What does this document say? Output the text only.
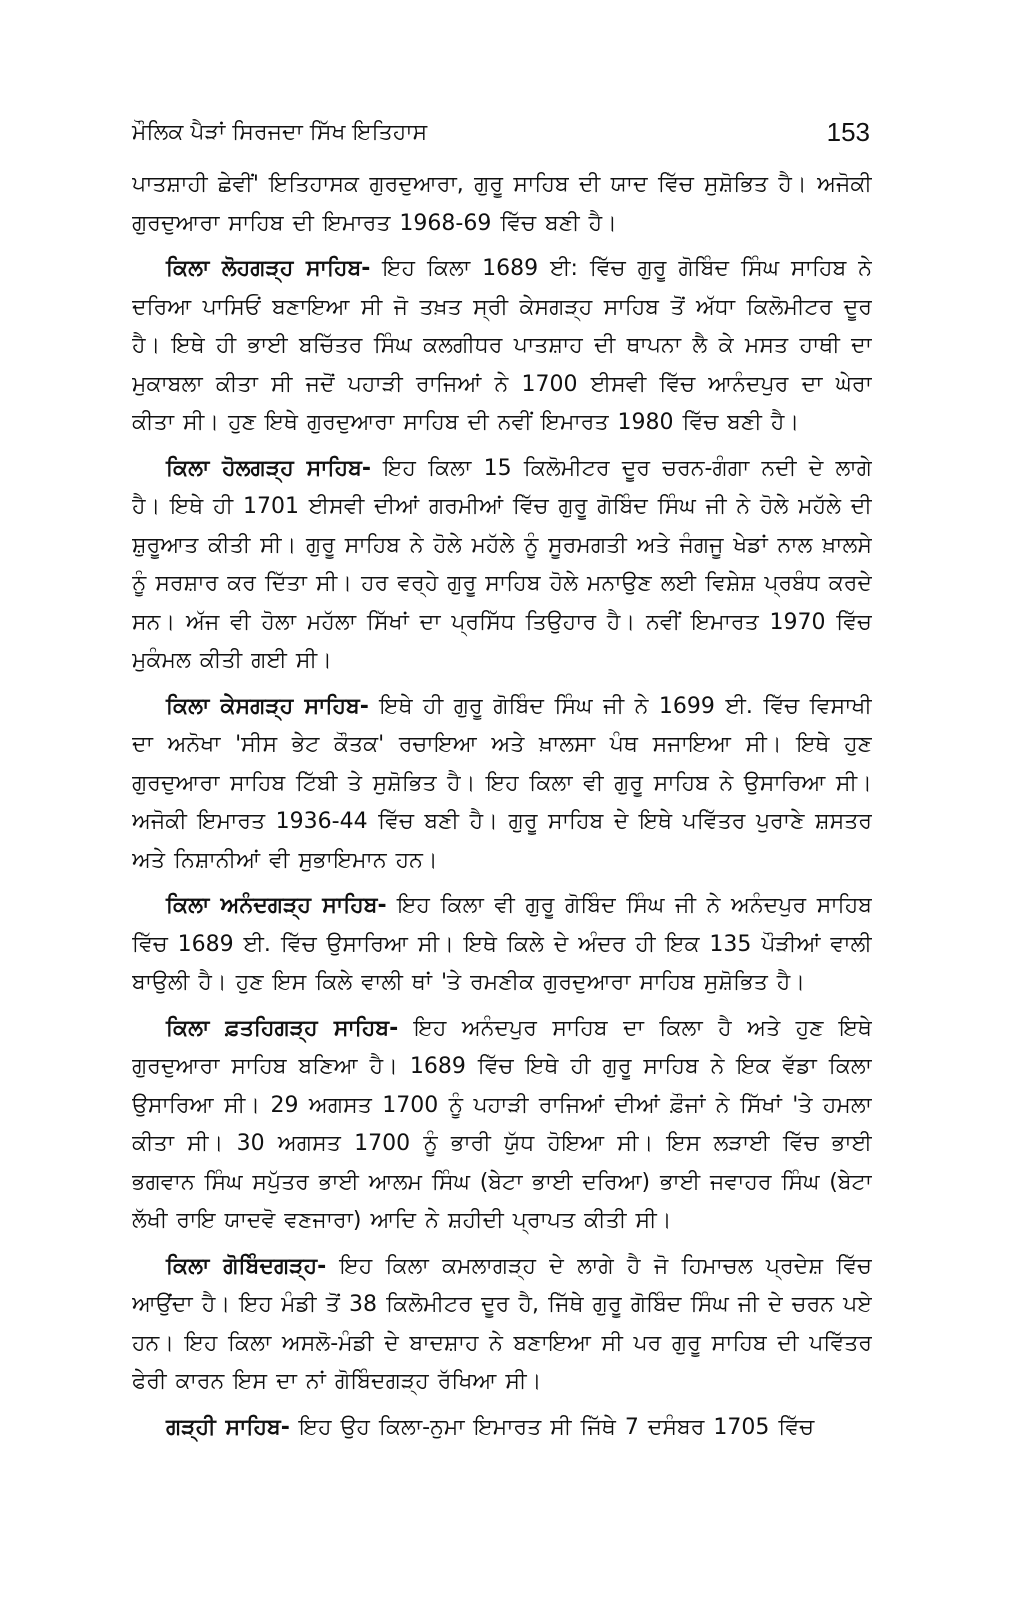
ਮੌਲਿਕ ਪੈੜਾਂ ਸਿਰਜਦਾ ਸਿੱਖ ਇਤਿਹਾਸ	153

ਪਾਤਸ਼ਾਹੀ ਛੇਵੀਂ' ਇਤਿਹਾਸਕ ਗੁਰਦੁਆਰਾ, ਗੁਰੂ ਸਾਹਿਬ ਦੀ ਯਾਦ ਵਿੱਚ ਸੁਸ਼ੋਭਿਤ ਹੈ। ਅਜੋਕੀ ਗੁਰਦੁਆਰਾ ਸਾਹਿਬ ਦੀ ਇਮਾਰਤ 1968-69 ਵਿੱਚ ਬਣੀ ਹੈ।

ਕਿਲਾ ਲੋਹਗੜ੍ਹ ਸਾਹਿਬ- ਇਹ ਕਿਲਾ 1689 ਈ: ਵਿੱਚ ਗੁਰੂ ਗੋਬਿੰਦ ਸਿੰਘ ਸਾਹਿਬ ਨੇ ਦਰਿਆ ਪਾਸਿਓਂ ਬਣਾਇਆ ਸੀ ਜੋ ਤਖ਼ਤ ਸ੍ਰੀ ਕੇਸਗੜ੍ਹ ਸਾਹਿਬ ਤੋਂ ਅੱਧਾ ਕਿਲੋਮੀਟਰ ਦੂਰ ਹੈ। ਇਥੇ ਹੀ ਭਾਈ ਬਚਿੱਤਰ ਸਿੰਘ ਕਲਗੀਧਰ ਪਾਤਸ਼ਾਹ ਦੀ ਥਾਪਨਾ ਲੈ ਕੇ ਮਸਤ ਹਾਥੀ ਦਾ ਮੁਕਾਬਲਾ ਕੀਤਾ ਸੀ ਜਦੋਂ ਪਹਾੜੀ ਰਾਜਿਆਂ ਨੇ 1700 ਈਸਵੀ ਵਿੱਚ ਆਨੰਦਪੁਰ ਦਾ ਘੇਰਾ ਕੀਤਾ ਸੀ। ਹੁਣ ਇਥੇ ਗੁਰਦੁਆਰਾ ਸਾਹਿਬ ਦੀ ਨਵੀਂ ਇਮਾਰਤ 1980 ਵਿੱਚ ਬਣੀ ਹੈ।

ਕਿਲਾ ਹੋਲਗੜ੍ਹ ਸਾਹਿਬ- ਇਹ ਕਿਲਾ 15 ਕਿਲੋਮੀਟਰ ਦੂਰ ਚਰਨ-ਗੰਗਾ ਨਦੀ ਦੇ ਲਾਗੇ ਹੈ। ਇਥੇ ਹੀ 1701 ਈਸਵੀ ਦੀਆਂ ਗਰਮੀਆਂ ਵਿੱਚ ਗੁਰੂ ਗੋਬਿੰਦ ਸਿੰਘ ਜੀ ਨੇ ਹੋਲੇ ਮਹੱਲੇ ਦੀ ਸ਼ੁਰੂਆਤ ਕੀਤੀ ਸੀ। ਗੁਰੂ ਸਾਹਿਬ ਨੇ ਹੋਲੇ ਮਹੱਲੇ ਨੂੰ ਸੂਰਮਗਤੀ ਅਤੇ ਜੰਗਜੂ ਖੇਡਾਂ ਨਾਲ ਖ਼ਾਲਸੇ ਨੂੰ ਸਰਸ਼ਾਰ ਕਰ ਦਿੱਤਾ ਸੀ। ਹਰ ਵਰ੍ਹੇ ਗੁਰੂ ਸਾਹਿਬ ਹੋਲੇ ਮਨਾਉਣ ਲਈ ਵਿਸ਼ੇਸ਼ ਪ੍ਰਬੰਧ ਕਰਦੇ ਸਨ। ਅੱਜ ਵੀ ਹੋਲਾ ਮਹੱਲਾ ਸਿੱਖਾਂ ਦਾ ਪ੍ਰਸਿੱਧ ਤਿਉਹਾਰ ਹੈ। ਨਵੀਂ ਇਮਾਰਤ 1970 ਵਿੱਚ ਮੁਕੰਮਲ ਕੀਤੀ ਗਈ ਸੀ।

ਕਿਲਾ ਕੇਸਗੜ੍ਹ ਸਾਹਿਬ- ਇਥੇ ਹੀ ਗੁਰੂ ਗੋਬਿੰਦ ਸਿੰਘ ਜੀ ਨੇ 1699 ਈ. ਵਿੱਚ ਵਿਸਾਖੀ ਦਾ ਅਨੋਖਾ 'ਸੀਸ ਭੇਟ ਕੌਤਕ' ਰਚਾਇਆ ਅਤੇ ਖ਼ਾਲਸਾ ਪੰਥ ਸਜਾਇਆ ਸੀ। ਇਥੇ ਹੁਣ ਗੁਰਦੁਆਰਾ ਸਾਹਿਬ ਟਿੱਬੀ ਤੇ ਸੁਸ਼ੋਭਿਤ ਹੈ। ਇਹ ਕਿਲਾ ਵੀ ਗੁਰੂ ਸਾਹਿਬ ਨੇ ਉਸਾਰਿਆ ਸੀ। ਅਜੋਕੀ ਇਮਾਰਤ 1936-44 ਵਿੱਚ ਬਣੀ ਹੈ। ਗੁਰੂ ਸਾਹਿਬ ਦੇ ਇਥੇ ਪਵਿੱਤਰ ਪੁਰਾਣੇ ਸ਼ਸਤਰ ਅਤੇ ਨਿਸ਼ਾਨੀਆਂ ਵੀ ਸੁਭਾਇਮਾਨ ਹਨ।

ਕਿਲਾ ਅਨੰਦਗੜ੍ਹ ਸਾਹਿਬ- ਇਹ ਕਿਲਾ ਵੀ ਗੁਰੂ ਗੋਬਿੰਦ ਸਿੰਘ ਜੀ ਨੇ ਅਨੰਦਪੁਰ ਸਾਹਿਬ ਵਿੱਚ 1689 ਈ. ਵਿੱਚ ਉਸਾਰਿਆ ਸੀ। ਇਥੇ ਕਿਲੇ ਦੇ ਅੰਦਰ ਹੀ ਇਕ 135 ਪੌੜੀਆਂ ਵਾਲੀ ਬਾਉਲੀ ਹੈ। ਹੁਣ ਇਸ ਕਿਲੇ ਵਾਲੀ ਥਾਂ 'ਤੇ ਰਮਣੀਕ ਗੁਰਦੁਆਰਾ ਸਾਹਿਬ ਸੁਸ਼ੋਭਿਤ ਹੈ।

ਕਿਲਾ ਫ਼ਤਹਿਗੜ੍ਹ ਸਾਹਿਬ- ਇਹ ਅਨੰਦਪੁਰ ਸਾਹਿਬ ਦਾ ਕਿਲਾ ਹੈ ਅਤੇ ਹੁਣ ਇਥੇ ਗੁਰਦੁਆਰਾ ਸਾਹਿਬ ਬਣਿਆ ਹੈ। 1689 ਵਿੱਚ ਇਥੇ ਹੀ ਗੁਰੂ ਸਾਹਿਬ ਨੇ ਇਕ ਵੱਡਾ ਕਿਲਾ ਉਸਾਰਿਆ ਸੀ। 29 ਅਗਸਤ 1700 ਨੂੰ ਪਹਾੜੀ ਰਾਜਿਆਂ ਦੀਆਂ ਫ਼ੌਜਾਂ ਨੇ ਸਿੱਖਾਂ 'ਤੇ ਹਮਲਾ ਕੀਤਾ ਸੀ। 30 ਅਗਸਤ 1700 ਨੂੰ ਭਾਰੀ ਯੁੱਧ ਹੋਇਆ ਸੀ। ਇਸ ਲੜਾਈ ਵਿੱਚ ਭਾਈ ਭਗਵਾਨ ਸਿੰਘ ਸਪੁੱਤਰ ਭਾਈ ਆਲਮ ਸਿੰਘ (ਬੇਟਾ ਭਾਈ ਦਰਿਆ) ਭਾਈ ਜਵਾਹਰ ਸਿੰਘ (ਬੇਟਾ ਲੱਖੀ ਰਾਇ ਯਾਦਵੋ ਵਣਜਾਰਾ) ਆਦਿ ਨੇ ਸ਼ਹੀਦੀ ਪ੍ਰਾਪਤ ਕੀਤੀ ਸੀ।

ਕਿਲਾ ਗੋਬਿੰਦਗੜ੍ਹ- ਇਹ ਕਿਲਾ ਕਮਲਾਗੜ੍ਹ ਦੇ ਲਾਗੇ ਹੈ ਜੋ ਹਿਮਾਚਲ ਪ੍ਰਦੇਸ਼ ਵਿੱਚ ਆਉਂਦਾ ਹੈ। ਇਹ ਮੰਡੀ ਤੋਂ 38 ਕਿਲੋਮੀਟਰ ਦੂਰ ਹੈ, ਜਿੱਥੇ ਗੁਰੂ ਗੋਬਿੰਦ ਸਿੰਘ ਜੀ ਦੇ ਚਰਨ ਪਏ ਹਨ। ਇਹ ਕਿਲਾ ਅਸਲੋ-ਮੰਡੀ ਦੇ ਬਾਦਸ਼ਾਹ ਨੇ ਬਣਾਇਆ ਸੀ ਪਰ ਗੁਰੂ ਸਾਹਿਬ ਦੀ ਪਵਿੱਤਰ ਫੇਰੀ ਕਾਰਨ ਇਸ ਦਾ ਨਾਂ ਗੋਬਿੰਦਗੜ੍ਹ ਰੱਖਿਆ ਸੀ।

ਗੜ੍ਹੀ ਸਾਹਿਬ- ਇਹ ਉਹ ਕਿਲਾ-ਨੁਮਾ ਇਮਾਰਤ ਸੀ ਜਿੱਥੇ 7 ਦਸੰਬਰ 1705 ਵਿੱਚ
